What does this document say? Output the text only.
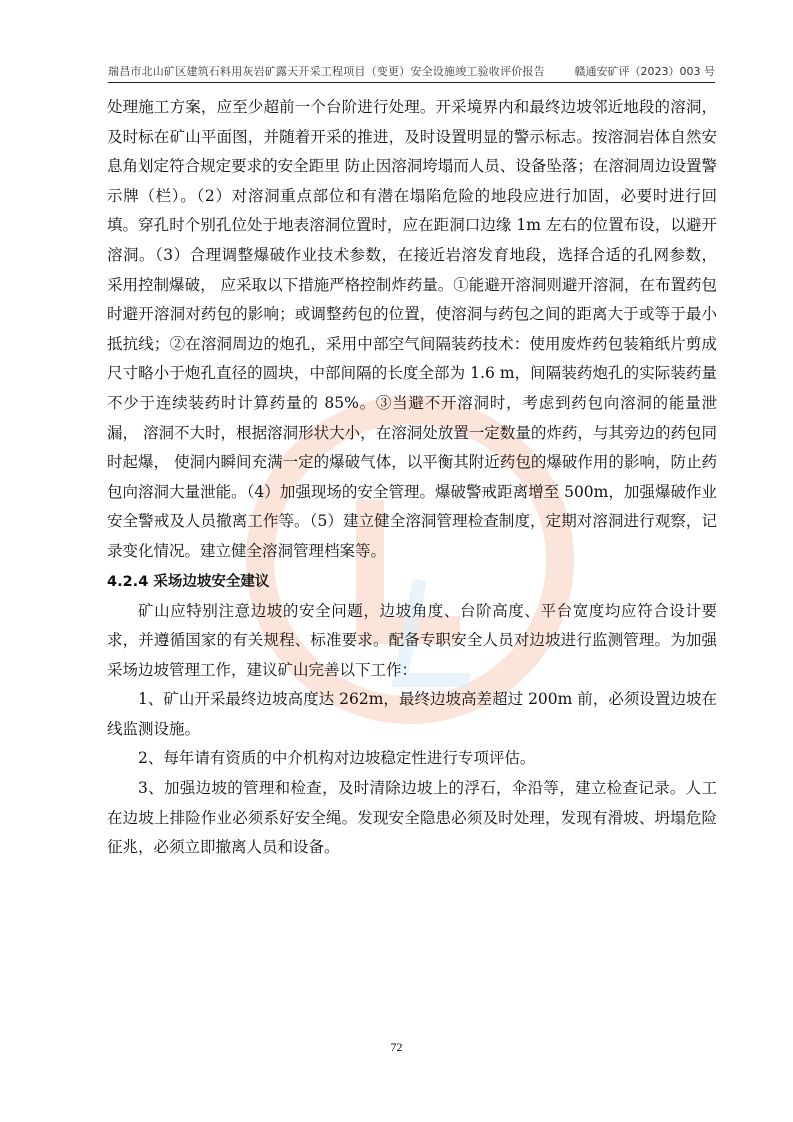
瑞昌市北山矿区建筑石料用灰岩矿露天开采工程项目（变更）安全设施竣工验收评价报告	赣通安矿评（2023）003 号

处理施工方案，应至少超前一个台阶进行处理。开采境界内和最终边坡邻近地段的溶洞，及时标在矿山平面图，并随着开采的推进，及时设置明显的警示标志。按溶洞岩体自然安息角划定符合规定要求的安全距里 防止因溶洞垮塌而人员、设备坠落；在溶洞周边设置警示牌（栏）。（2）对溶洞重点部位和有潜在塌陷危险的地段应进行加固，必要时进行回填。穿孔时个别孔位处于地表溶洞位置时，应在距洞口边缘 1m 左右的位置布设，以避开溶洞。（3）合理调整爆破作业技术参数，在接近岩溶发育地段，选择合适的孔网参数， 采用控制爆破， 应采取以下措施严格控制炸药量。①能避开溶洞则避开溶洞，在布置药包时避开溶洞对药包的影响；或调整药包的位置，使溶洞与药包之间的距离大于或等于最小抵抗线；②在溶洞周边的炮孔，采用中部空气间隔装药技术：使用废炸药包装箱纸片剪成尺寸略小于炮孔直径的圆块，中部间隔的长度全部为 1.6 m，间隔装药炮孔的实际装药量不少于连续装药时计算药量的 85%。③当避不开溶洞时，考虑到药包向溶洞的能量泄漏， 溶洞不大时，根据溶洞形状大小，在溶洞处放置一定数量的炸药，与其旁边的药包同时起爆， 使洞内瞬间充满一定的爆破气体，以平衡其附近药包的爆破作用的影响，防止药包向溶洞大量泄能。（4）加强现场的安全管理。爆破警戒距离增至 500m，加强爆破作业安全警戒及人员撤离工作等。（5）建立健全溶洞管理检查制度，定期对溶洞进行观察，记录变化情况。建立健全溶洞管理档案等。

4.2.4 采场边坡安全建议

矿山应特别注意边坡的安全问题，边坡角度、台阶高度、平台宽度均应符合设计要求，并遵循国家的有关规程、标准要求。配备专职安全人员对边坡进行监测管理。为加强采场边坡管理工作，建议矿山完善以下工作：

1、矿山开采最终边坡高度达 262m，最终边坡高差超过 200m 前，必须设置边坡在线监测设施。

2、每年请有资质的中介机构对边坡稳定性进行专项评估。

3、加强边坡的管理和检查，及时清除边坡上的浮石，伞沿等，建立检查记录。人工在边坡上排险作业必须系好安全绳。发现安全隐患必须及时处理，发现有滑坡、坍塌危险征兆，必须立即撤离人员和设备。

72
